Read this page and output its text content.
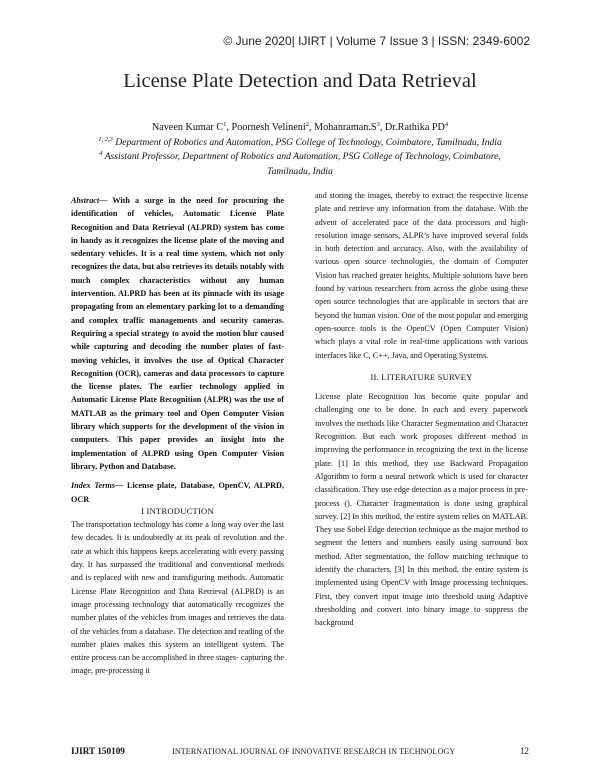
© June 2020| IJIRT | Volume 7 Issue 3 | ISSN: 2349-6002
License Plate Detection and Data Retrieval
Naveen Kumar $C^1$, Poornesh Velineni$^2$, $Mohanraman.S^3$, Dr.Rathika $PD^4$
$^{1, 2,3}$ Department of Robotics and Automation, PSG College of Technology, Coimbatore, Tamilnadu, India
$^4$ Assistant Professor, Department of Robotics and Automation, PSG College of Technology, Coimbatore,
Tamilnadu, India

Abstract— With a surge in the need for procuring the identification of vehicles, Automatic License Plate Recognition and Data Retrieval (ALPRD) system has come in handy as it recognizes the license plate of the moving and sedentary vehicles. It is a real time system, which not only recognizes the data, but also retrieves its details notably with much complex characteristics without any human intervention. ALPRD has been at its pinnacle with its usage propagating from an elementary parking lot to a demanding and complex traffic managements and security cameras. Requiring a special strategy to avoid the motion blur caused while capturing and decoding the number plates of fast-moving vehicles, it involves the use of Optical Character Recognition (OCR), cameras and data processors to capture the license plates. The earlier technology applied in Automatic License Plate Recognition (ALPR) was the use of MATLAB as the primary tool and Open Computer Vision library which supports for the development of the vision in computers. This paper provides an insight into the implementation of ALPRD using Open Computer Vision library, Python and Database.

Index Terms— License plate, Database, OpenCV, ALPRD, OCR

I INTRODUCTION

The transportation technology has come a long way over the last few decades. It is undoubtedly at its peak of revolution and the rate at which this happens keeps accelerating with every passing day. It has surpassed the traditional and conventional methods and is replaced with new and transfiguring methods. Automatic License Plate Recognition and Data Retrieval (ALPRD) is an image processing technology that automatically recognizes the number plates of the vehicles from images and retrieves the data of the vehicles from a database. The detection and reading of the number plates makes this system an intelligent system. The entire process can be accomplished in three stages- capturing the image, pre-processing it

and storing the images, thereby to extract the respective license plate and retrieve any information from the database. With the advent of accelerated pace of the data processors and high-resolution image sensors, ALPR’s have improved several folds in both detection and accuracy. Also, with the availability of various open source technologies, the domain of Computer Vision has reached greater heights. Multiple solutions have been found by various researchers from across the globe using these open source technologies that are applicable in sectors that are beyond the human vision. One of the most popular and emerging open-source tools is the OpenCV (Open Computer Vision) which plays a vital role in real-time applications with various interfaces like C, C++, Java, and Operating Systems.

II. LITERATURE SURVEY

License plate Recognition has become quite popular and challenging one to be done. In each and every paperwork involves the methods like Character Segmentation and Character Recognition. But each work proposes different method in improving the performance in recognizing the text in the license plate. [1] In this method, they use Backward Propagation Algorithm to form a neural network which is used for character classification. They use edge detection as a major process in pre-process (). Character fragmentation is done using graphical survey. [2] In this method, the entire system relies on MATLAB. They use Sobel Edge detection technique as the major method to segment the letters and numbers easily using surround box method. After segmentation, the follow matching technique to identify the characters. [3] In this method, the entire system is implemented using OpenCV with Image processing techniques. First, they convert input image into threshold using Adaptive thresholding and convert into binary image to suppress the background

IJIRT 150109	INTERNATIONAL JOURNAL OF INNOVATIVE RESEARCH IN TECHNOLOGY	12
